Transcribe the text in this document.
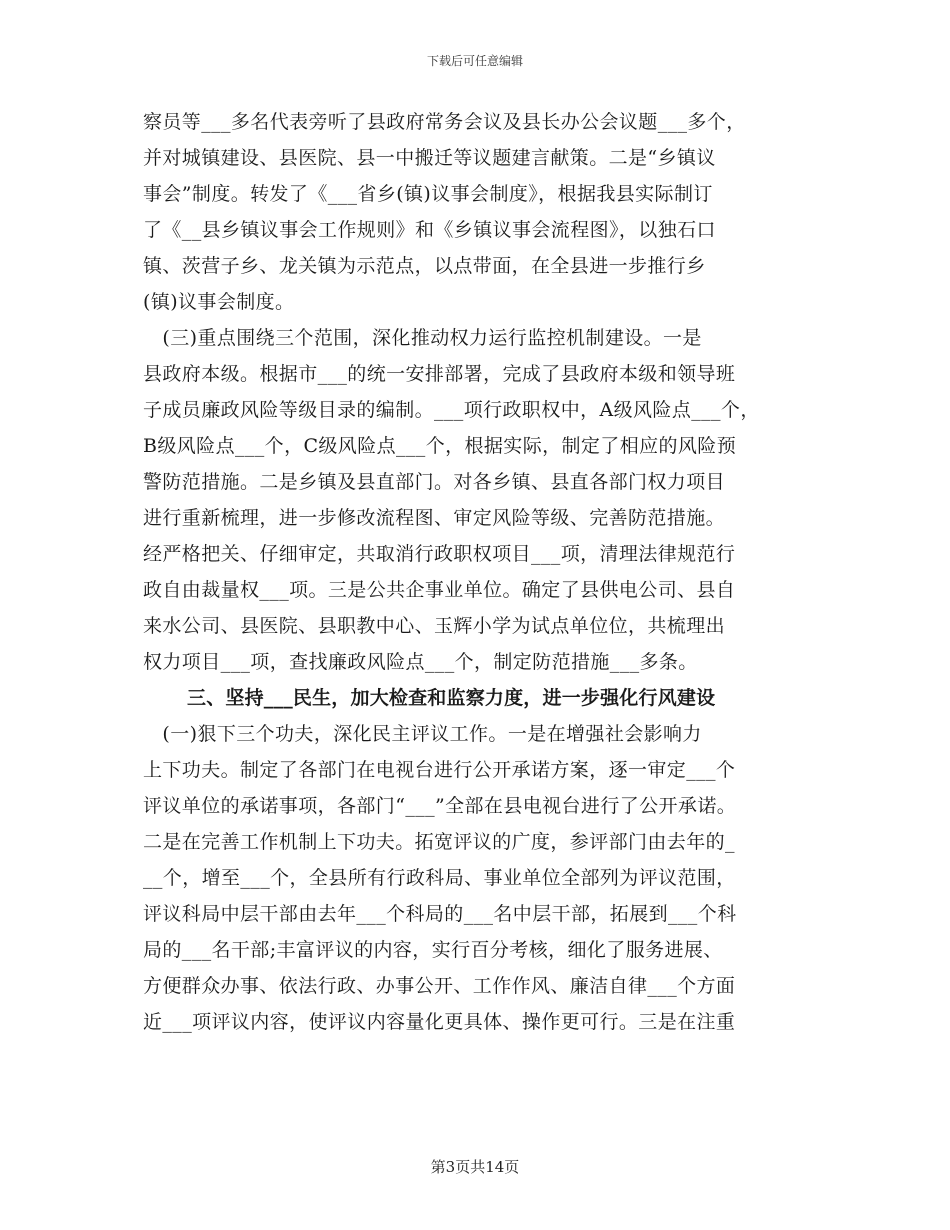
下载后可任意编辑
察员等___多名代表旁听了县政府常务会议及县长办公会议题___多个，
并对城镇建设、县医院、县一中搬迁等议题建言献策。二是“乡镇议
事会”制度。转发了《___省乡(镇)议事会制度》，根据我县实际制订
了《__县乡镇议事会工作规则》和《乡镇议事会流程图》，以独石口
镇、茨营子乡、龙关镇为示范点，以点带面，在全县进一步推行乡
(镇)议事会制度。
　(三)重点围绕三个范围，深化推动权力运行监控机制建设。一是
县政府本级。根据市___的统一安排部署，完成了县政府本级和领导班
子成员廉政风险等级目录的编制。___项行政职权中，A级风险点___个，
B级风险点___个，C级风险点___个，根据实际，制定了相应的风险预
警防范措施。二是乡镇及县直部门。对各乡镇、县直各部门权力项目
进行重新梳理，进一步修改流程图、审定风险等级、完善防范措施。
经严格把关、仔细审定，共取消行政职权项目___项，清理法律规范行
政自由裁量权___项。三是公共企事业单位。确定了县供电公司、县自
来水公司、县医院、县职教中心、玉辉小学为试点单位位，共梳理出
权力项目___项，查找廉政风险点___个，制定防范措施___多条。
三、坚持___民生，加大检查和监察力度，进一步强化行风建设
　(一)狠下三个功夫，深化民主评议工作。一是在增强社会影响力
上下功夫。制定了各部门在电视台进行公开承诺方案，逐一审定___个
评议单位的承诺事项，各部门“___”全部在县电视台进行了公开承诺。
二是在完善工作机制上下功夫。拓宽评议的广度，参评部门由去年的_
__个，增至___个，全县所有行政科局、事业单位全部列为评议范围，
评议科局中层干部由去年___个科局的___名中层干部，拓展到___个科
局的___名干部;丰富评议的内容，实行百分考核，细化了服务进展、
方便群众办事、依法行政、办事公开、工作作风、廉洁自律___个方面
近___项评议内容，使评议内容量化更具体、操作更可行。三是在注重
第3页共14页
